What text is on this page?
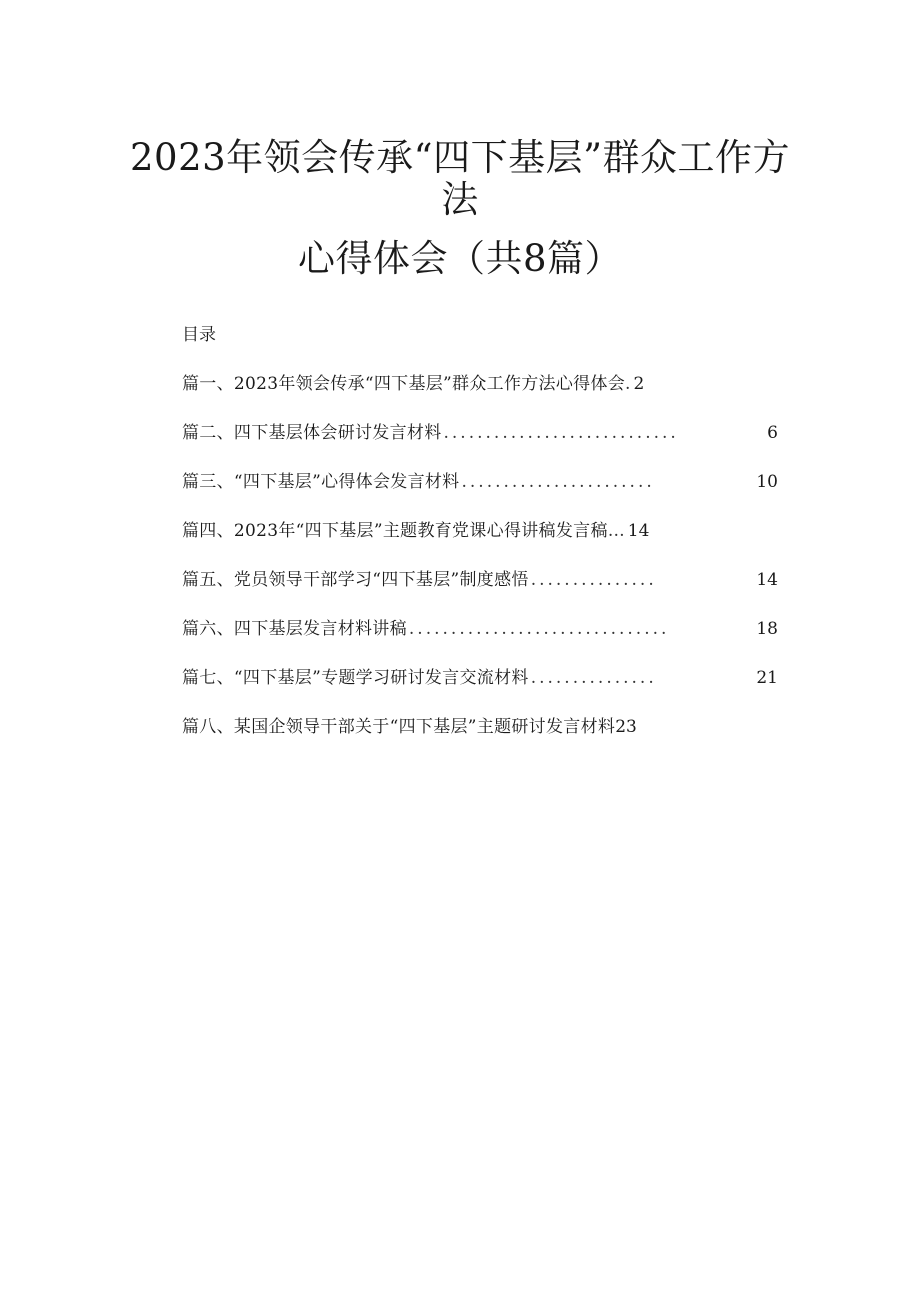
2023年领会传承“四下基层”群众工作方
法
心得体会（共8篇）
目录
篇一、2023年领会传承“四下基层”群众工作方法心得体会 . 2
篇二、四下基层体会研讨发言材料 ............................	6
篇三、“四下基层”心得体会发言材料 .......................	10
篇四、2023年“四下基层”主题教育党课心得讲稿发言稿 … 14
篇五、党员领导干部学习“四下基层”制度感悟 ...............	14
篇六、四下基层发言材料讲稿 ...............................	18
篇七、“四下基层”专题学习研讨发言交流材料 ...............	21
篇八、某国企领导干部关于“四下基层”主题研讨发言材料 23
